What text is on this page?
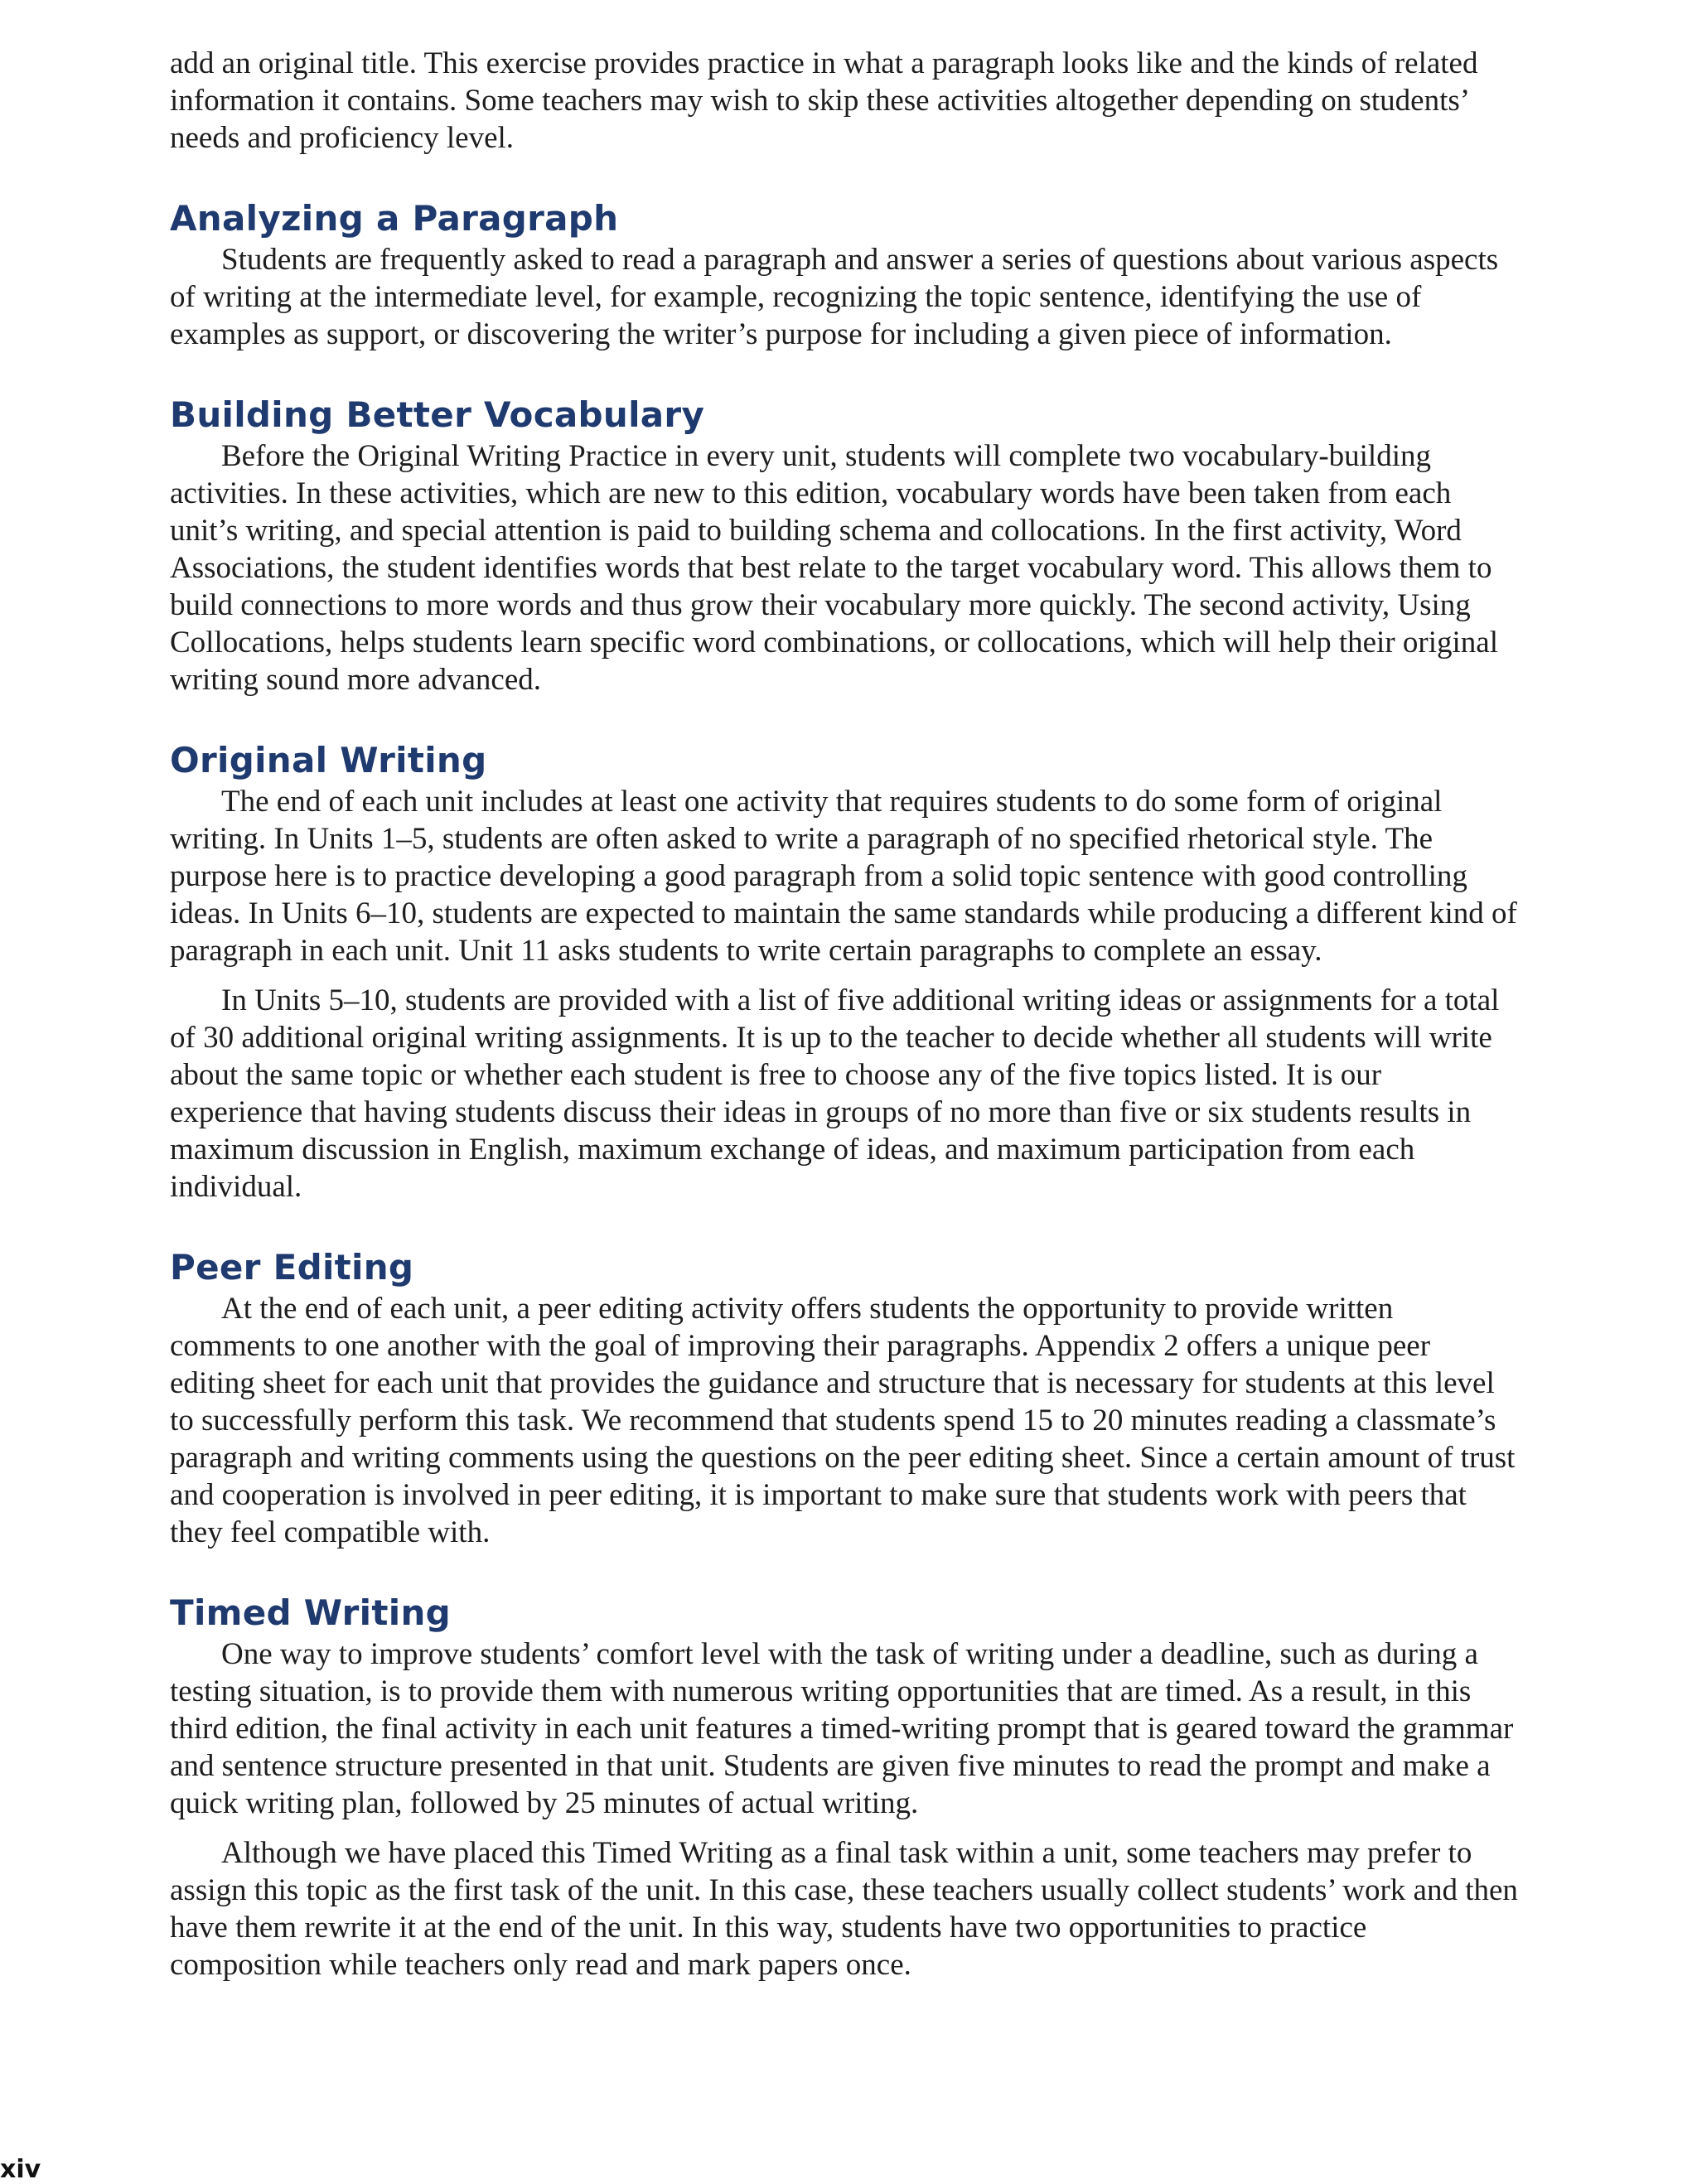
add an original title. This exercise provides practice in what a paragraph looks like and the kinds of related information it contains. Some teachers may wish to skip these activities altogether depending on students’ needs and proficiency level.

Analyzing a Paragraph

Students are frequently asked to read a paragraph and answer a series of questions about various aspects of writing at the intermediate level, for example, recognizing the topic sentence, identifying the use of examples as support, or discovering the writer’s purpose for including a given piece of information.

Building Better Vocabulary

Before the Original Writing Practice in every unit, students will complete two vocabulary-building activities. In these activities, which are new to this edition, vocabulary words have been taken from each unit’s writing, and special attention is paid to building schema and collocations. In the first activity, Word Associations, the student identifies words that best relate to the target vocabulary word. This allows them to build connections to more words and thus grow their vocabulary more quickly. The second activity, Using Collocations, helps students learn specific word combinations, or collocations, which will help their original writing sound more advanced.

Original Writing

The end of each unit includes at least one activity that requires students to do some form of original writing. In Units 1–5, students are often asked to write a paragraph of no specified rhetorical style. The purpose here is to practice developing a good paragraph from a solid topic sentence with good controlling ideas. In Units 6–10, students are expected to maintain the same standards while producing a different kind of paragraph in each unit. Unit 11 asks students to write certain paragraphs to complete an essay.

In Units 5–10, students are provided with a list of five additional writing ideas or assignments for a total of 30 additional original writing assignments. It is up to the teacher to decide whether all students will write about the same topic or whether each student is free to choose any of the five topics listed. It is our experience that having students discuss their ideas in groups of no more than five or six students results in maximum discussion in English, maximum exchange of ideas, and maximum participation from each individual.

Peer Editing

At the end of each unit, a peer editing activity offers students the opportunity to provide written comments to one another with the goal of improving their paragraphs. Appendix 2 offers a unique peer editing sheet for each unit that provides the guidance and structure that is necessary for students at this level to successfully perform this task. We recommend that students spend 15 to 20 minutes reading a classmate’s paragraph and writing comments using the questions on the peer editing sheet. Since a certain amount of trust and cooperation is involved in peer editing, it is important to make sure that students work with peers that they feel compatible with.

Timed Writing

One way to improve students’ comfort level with the task of writing under a deadline, such as during a testing situation, is to provide them with numerous writing opportunities that are timed. As a result, in this third edition, the final activity in each unit features a timed-writing prompt that is geared toward the grammar and sentence structure presented in that unit. Students are given five minutes to read the prompt and make a quick writing plan, followed by 25 minutes of actual writing.

Although we have placed this Timed Writing as a final task within a unit, some teachers may prefer to assign this topic as the first task of the unit. In this case, these teachers usually collect students’ work and then have them rewrite it at the end of the unit. In this way, students have two opportunities to practice composition while teachers only read and mark papers once.

xiv
